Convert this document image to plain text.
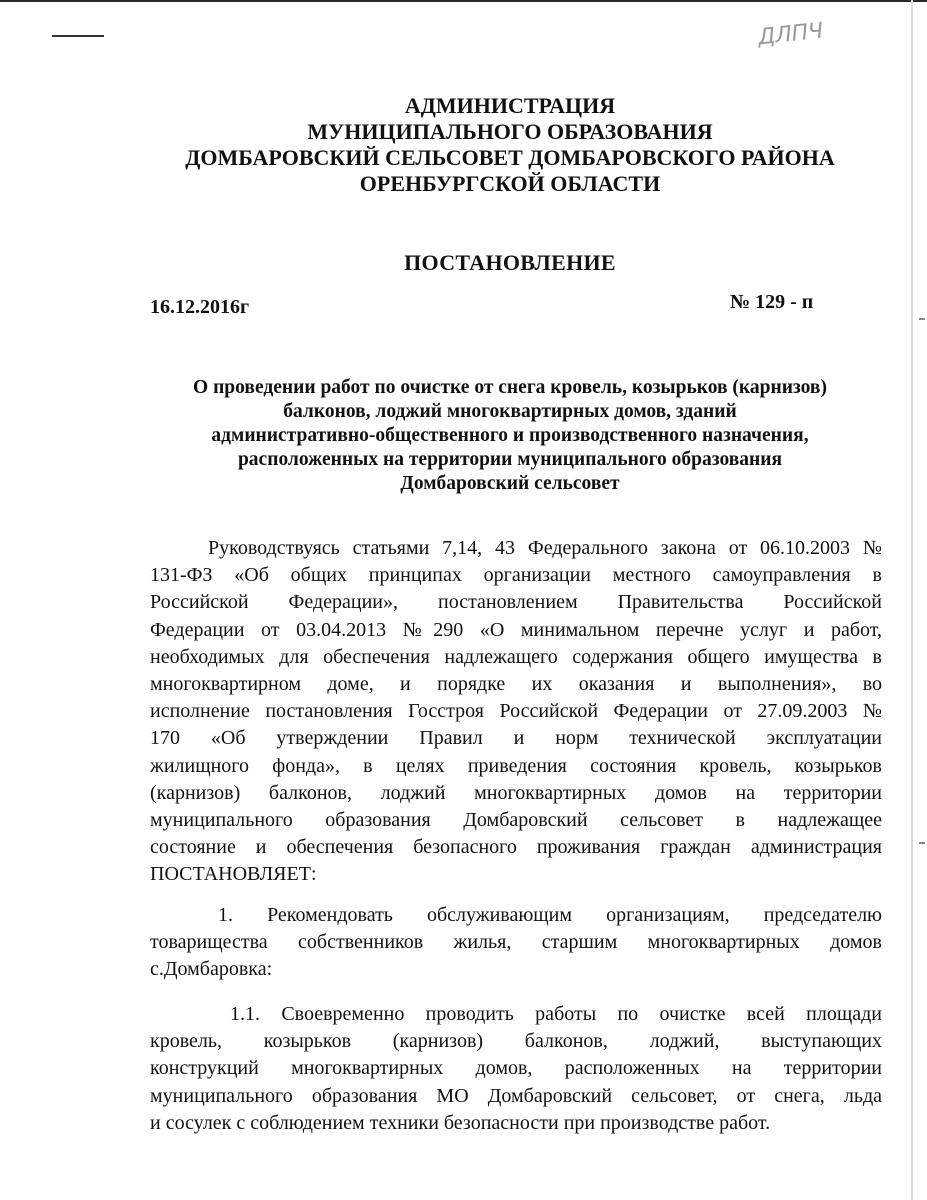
ДЛПЧ
АДМИНИСТРАЦИЯ
МУНИЦИПАЛЬНОГО ОБРАЗОВАНИЯ
ДОМБАРОВСКИЙ СЕЛЬСОВЕТ ДОМБАРОВСКОГО РАЙОНА
ОРЕНБУРГСКОЙ ОБЛАСТИ
ПОСТАНОВЛЕНИЕ
16.12.2016г	№ 129 - п
О проведении работ по очистке от снега кровель, козырьков (карнизов)
балконов, лоджий многоквартирных домов, зданий
административно-общественного и производственного назначения,
расположенных на территории муниципального образования
Домбаровский сельсовет
Руководствуясь статьями 7,14, 43 Федерального закона от 06.10.2003 №
131-ФЗ «Об общих принципах организации местного самоуправления в
Российской Федерации», постановлением Правительства Российской
Федерации от 03.04.2013 №290 «О минимальном перечне услуг и работ,
необходимых для обеспечения надлежащего содержания общего имущества в
многоквартирном доме, и порядке их оказания и выполнения», во
исполнение постановления Госстроя Российской Федерации от 27.09.2003 №
170 «Об утверждении Правил и норм технической эксплуатации
жилищного фонда», в целях приведения состояния кровель, козырьков
(карнизов) балконов, лоджий многоквартирных домов на территории
муниципального образования Домбаровский сельсовет в надлежащее
состояние и обеспечения безопасного проживания граждан администрация
ПОСТАНОВЛЯЕТ:
1. Рекомендовать обслуживающим организациям, председателю
товарищества собственников жилья, старшим многоквартирных домов
с.Домбаровка:
1.1. Своевременно проводить работы по очистке всей площади
кровель, козырьков (карнизов) балконов, лоджий, выступающих
конструкций многоквартирных домов, расположенных на территории
муниципального образования МО Домбаровский сельсовет, от снега, льда
и сосулек с соблюдением техники безопасности при производстве работ.
